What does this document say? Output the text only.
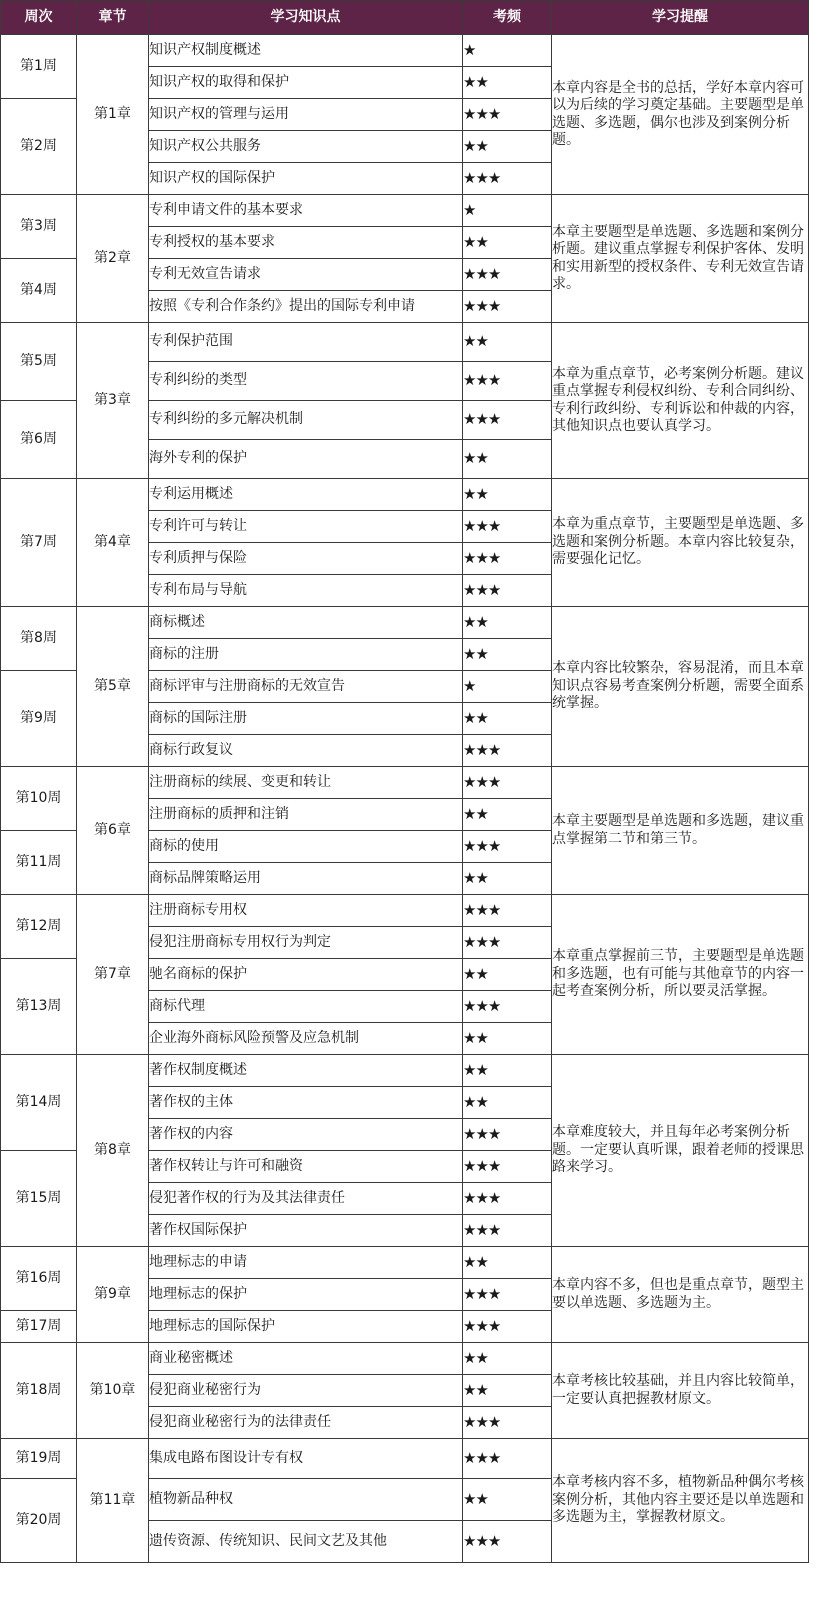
周次	章节	学习知识点	考频	学习提醒
第1周	第1章	知识产权制度概述	★	本章内容是全书的总括，学好本章内容可以为后续的学习奠定基础。主要题型是单选题、多选题，偶尔也涉及到案例分析题。
		知识产权的取得和保护	★★	
第2周		知识产权的管理与运用	★★★	
		知识产权公共服务	★★	
		知识产权的国际保护	★★★	
第3周	第2章	专利申请文件的基本要求	★	本章主要题型是单选题、多选题和案例分析题。建议重点掌握专利保护客体、发明和实用新型的授权条件、专利无效宣告请求。
		专利授权的基本要求	★★	
第4周		专利无效宣告请求	★★★	
		按照《专利合作条约》提出的国际专利申请	★★★	
第5周	第3章	专利保护范围	★★	本章为重点章节，必考案例分析题。建议重点掌握专利侵权纠纷、专利合同纠纷、专利行政纠纷、专利诉讼和仲裁的内容，其他知识点也要认真学习。
		专利纠纷的类型	★★★	
第6周		专利纠纷的多元解决机制	★★★	
		海外专利的保护	★★	
第7周	第4章	专利运用概述	★★	本章为重点章节，主要题型是单选题、多选题和案例分析题。本章内容比较复杂，需要强化记忆。
		专利许可与转让	★★★	
		专利质押与保险	★★★	
		专利布局与导航	★★★	
第8周	第5章	商标概述	★★	本章内容比较繁杂，容易混淆，而且本章知识点容易考查案例分析题，需要全面系统掌握。
		商标的注册	★★	
第9周		商标评审与注册商标的无效宣告	★	
		商标的国际注册	★★	
		商标行政复议	★★★	
第10周	第6章	注册商标的续展、变更和转让	★★★	本章主要题型是单选题和多选题，建议重点掌握第二节和第三节。
		注册商标的质押和注销	★★	
第11周		商标的使用	★★★	
		商标品牌策略运用	★★	
第12周	第7章	注册商标专用权	★★★	本章重点掌握前三节，主要题型是单选题和多选题，也有可能与其他章节的内容一起考查案例分析，所以要灵活掌握。
		侵犯注册商标专用权行为判定	★★★	
第13周		驰名商标的保护	★★	
		商标代理	★★★	
		企业海外商标风险预警及应急机制	★★	
第14周	第8章	著作权制度概述	★★	本章难度较大，并且每年必考案例分析题。一定要认真听课，跟着老师的授课思路来学习。
		著作权的主体	★★	
		著作权的内容	★★★	
第15周		著作权转让与许可和融资	★★★	
		侵犯著作权的行为及其法律责任	★★★	
		著作权国际保护	★★★	
第16周	第9章	地理标志的申请	★★	本章内容不多，但也是重点章节，题型主要以单选题、多选题为主。
		地理标志的保护	★★★	
第17周		地理标志的国际保护	★★★	
第18周	第10章	商业秘密概述	★★	本章考核比较基础，并且内容比较简单，一定要认真把握教材原文。
		侵犯商业秘密行为	★★	
		侵犯商业秘密行为的法律责任	★★★	
第19周	第11章	集成电路布图设计专有权	★★★	本章考核内容不多，植物新品种偶尔考核案例分析，其他内容主要还是以单选题和多选题为主，掌握教材原文。
第20周		植物新品种权	★★	
		遗传资源、传统知识、民间文艺及其他	★★★	
